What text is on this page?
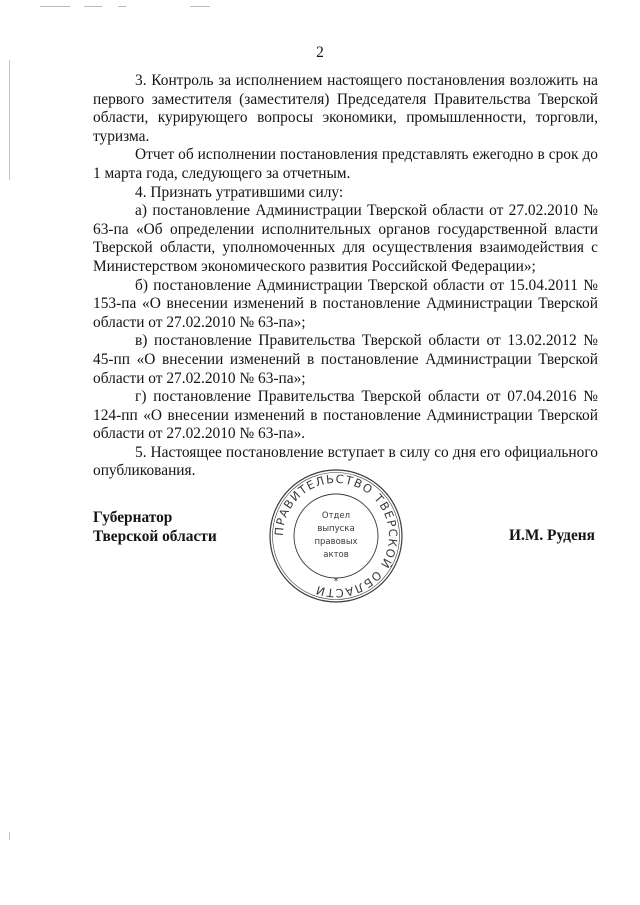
2

3. Контроль за исполнением настоящего постановления возложить на первого заместителя (заместителя) Председателя Правительства Тверской области, курирующего вопросы экономики, промышленности, торговли, туризма.

Отчет об исполнении постановления представлять ежегодно в срок до 1 марта года, следующего за отчетным.

4. Признать утратившими силу:

а) постановление Администрации Тверской области от 27.02.2010 № 63-па «Об определении исполнительных органов государственной власти Тверской области, уполномоченных для осуществления взаимодействия с Министерством экономического развития Российской Федерации»;

б) постановление Администрации Тверской области от 15.04.2011 № 153-па «О внесении изменений в постановление Администрации Тверской области от 27.02.2010 № 63-па»;

в) постановление Правительства Тверской области от 13.02.2012 № 45-пп «О внесении изменений в постановление Администрации Тверской области от 27.02.2010 № 63-па»;

г) постановление Правительства Тверской области от 07.04.2016 № 124-пп «О внесении изменений в постановление Администрации Тверской области от 27.02.2010 № 63-па».

5. Настоящее постановление вступает в силу со дня его официального опубликования.

Губернатор
Тверской области	ПРАВИТЕЛЬСТВО ТВЕРСКОЙ ОБЛАСТИ
Отдел
выпуска
правовых
актов
*
И.М. Руденя
